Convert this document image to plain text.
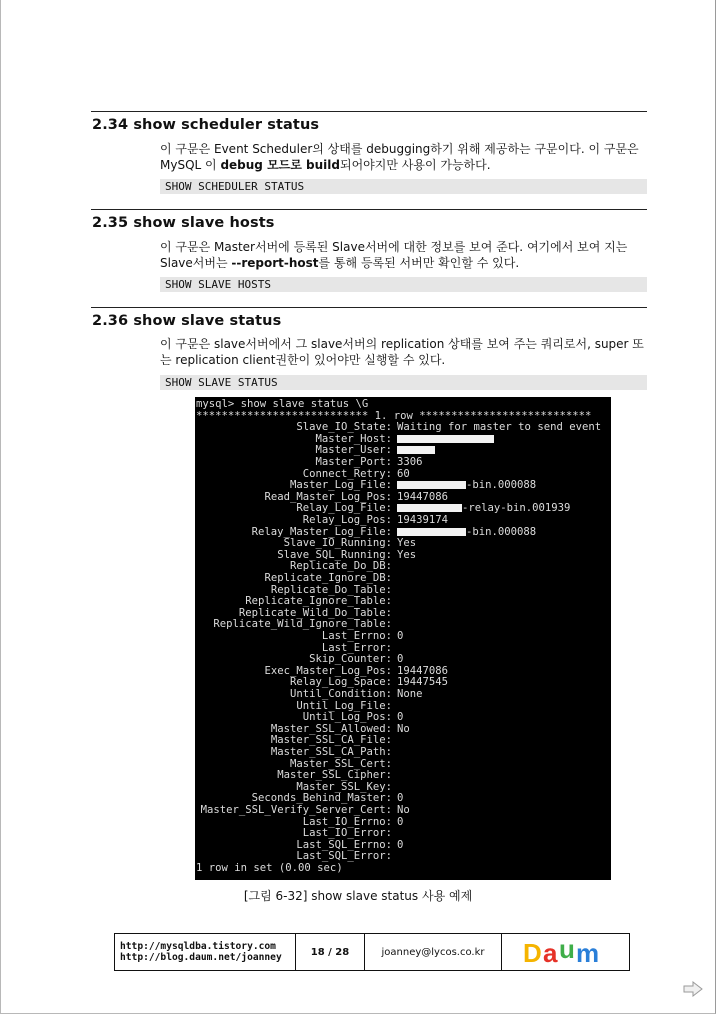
2.34 show scheduler status
이 구문은 Event Scheduler의 상태를 debugging하기 위해 제공하는 구문이다. 이 구문은 MySQL 이 debug 모드로 build되어야지만 사용이 가능하다.
SHOW SCHEDULER STATUS
2.35 show slave hosts
이 구문은 Master서버에 등록된 Slave서버에 대한 정보를 보여 준다. 여기에서 보여 지는 Slave서버는 --report-host를 통해 등록된 서버만 확인할 수 있다.
SHOW SLAVE HOSTS
2.36 show slave status
이 구문은 slave서버에서 그 slave서버의 replication 상태를 보여 주는 쿼리로서, super 또는 replication client권한이 있어야만 실행할 수 있다.
SHOW SLAVE STATUS
mysql> show slave status \G
*************************** 1. row ***************************
Slave_IO_State: Waiting for master to send event
Master_Host:
Master_User:
Master_Port: 3306
Connect_Retry: 60
Master_Log_File:	-bin.000088
Read_Master_Log_Pos: 19447086
Relay_Log_File:	-relay-bin.001939
Relay_Log_Pos: 19439174
Relay_Master_Log_File:	-bin.000088
Slave_IO_Running: Yes
Slave_SQL_Running: Yes
Replicate_Do_DB:
Replicate_Ignore_DB:
Replicate_Do_Table:
Replicate_Ignore_Table:
Replicate_Wild_Do_Table:
Replicate_Wild_Ignore_Table:
Last_Errno: 0
Last_Error:
Skip_Counter: 0
Exec_Master_Log_Pos: 19447086
Relay_Log_Space: 19447545
Until_Condition: None
Until_Log_File:
Until_Log_Pos: 0
Master_SSL_Allowed: No
Master_SSL_CA_File:
Master_SSL_CA_Path:
Master_SSL_Cert:
Master_SSL_Cipher:
Master_SSL_Key:
Seconds_Behind_Master: 0
Master_SSL_Verify_Server_Cert: No
Last_IO_Errno: 0
Last_IO_Error:
Last_SQL_Errno: 0
Last_SQL_Error:
1 row in set (0.00 sec)
[그림 6-32] show slave status 사용 예제
http://mysqldba.tistory.com
http://blog.daum.net/joanney	18 / 28	joanney@lycos.co.kr	D a u m
